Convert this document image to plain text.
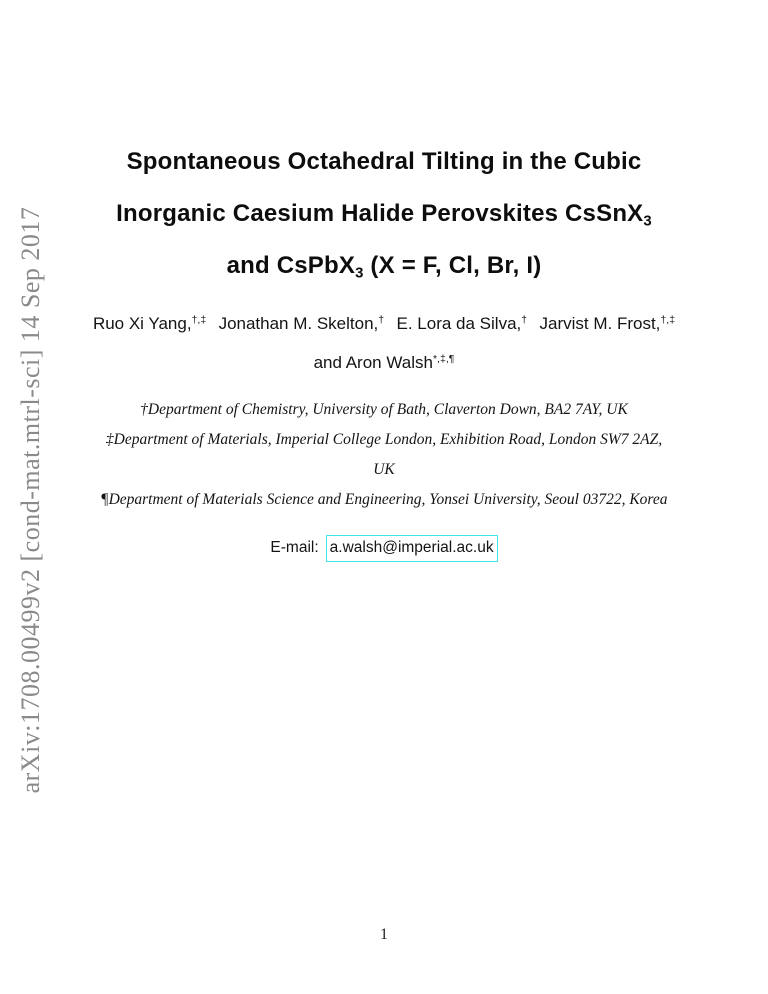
arXiv:1708.00499v2 [cond-mat.mtrl-sci] 14 Sep 2017
Spontaneous Octahedral Tilting in the Cubic
Inorganic Caesium Halide Perovskites CsSnX$_3$
and CsPbX$_3$ (X = F, Cl, Br, I)
Ruo Xi Yang,†,‡ Jonathan M. Skelton,† E. Lora da Silva,† Jarvist M. Frost,†,‡
and Aron Walsh*,‡,¶
†Department of Chemistry, University of Bath, Claverton Down, BA2 7AY, UK
‡Department of Materials, Imperial College London, Exhibition Road, London SW7 2AZ,
UK
¶Department of Materials Science and Engineering, Yonsei University, Seoul 03722, Korea
E-mail: a.walsh@imperial.ac.uk
1
